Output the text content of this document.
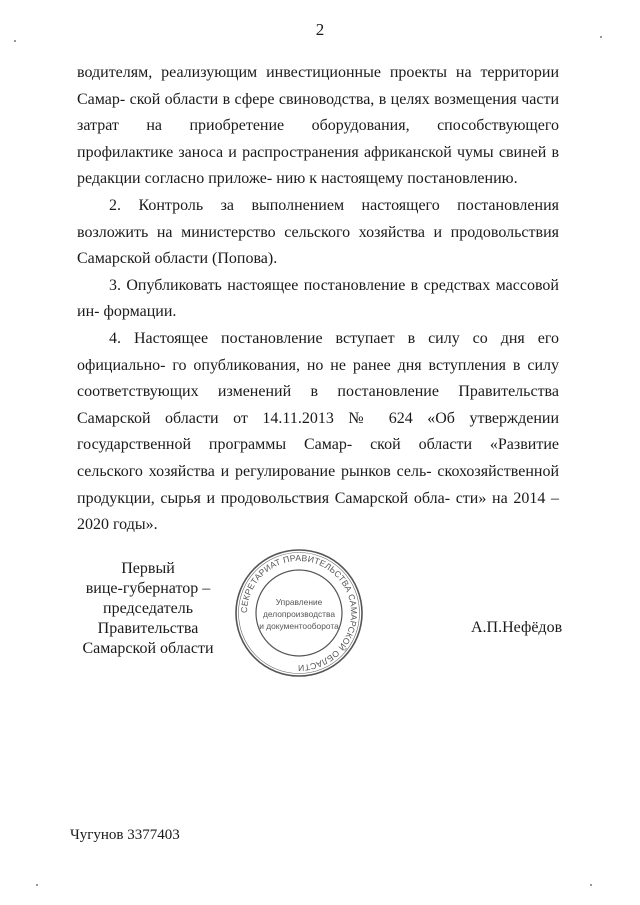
2

водителям, реализующим инвестиционные проекты на территории Самар- ской области в сфере свиноводства, в целях возмещения части затрат на приобретение оборудования, способствующего профилактике заноса и распространения африканской чумы свиней в редакции согласно приложе- нию к настоящему постановлению.

2. Контроль за выполнением настоящего постановления возложить на министерство сельского хозяйства и продовольствия Самарской области (Попова).

3. Опубликовать настоящее постановление в средствах массовой ин- формации.

4. Настоящее постановление вступает в силу со дня его официально- го опубликования, но не ранее дня вступления в силу соответствующих изменений в постановление Правительства Самарской области от 14.11.2013 № 624 «Об утверждении государственной программы Самар- ской области «Развитие сельского хозяйства и регулирование рынков сель- скохозяйственной продукции, сырья и продовольствия Самарской обла- сти» на 2014 – 2020 годы».

Первый
вице-губернатор –
председатель Правительства
Самарской области
СЕКРЕТАРИАТ ПРАВИТЕЛЬСТВА САМАРСКОЙ ОБЛАСТИ
Управление
делопроизводства
и документооборота	А.П.Нефёдов
Чугунов 3377403
